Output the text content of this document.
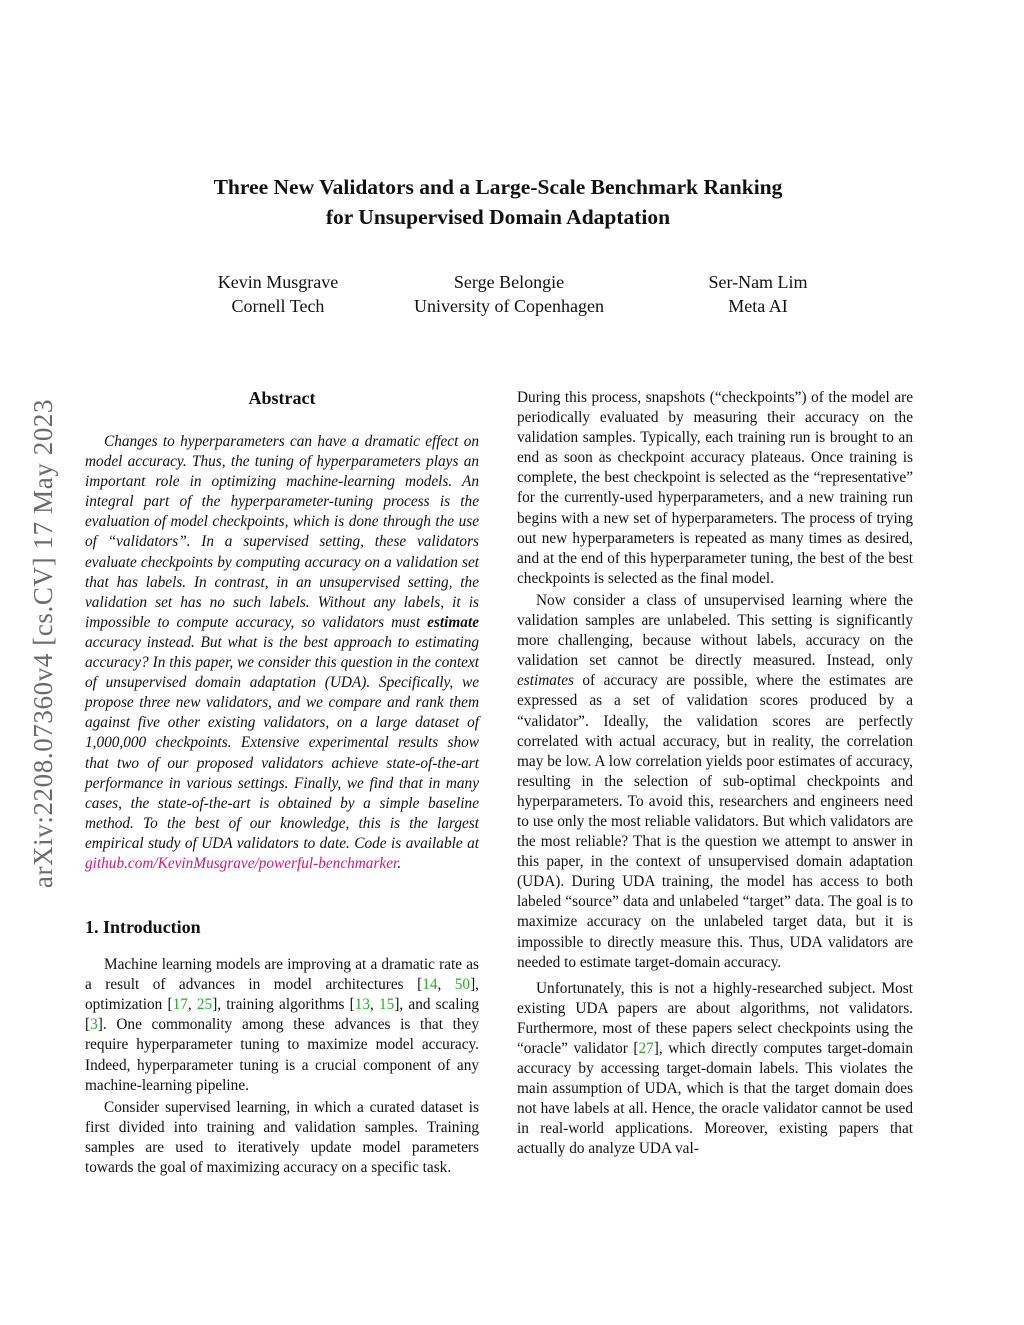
arXiv:2208.07360v4 [cs.CV] 17 May 2023
Three New Validators and a Large-Scale Benchmark Ranking
for Unsupervised Domain Adaptation
Kevin Musgrave
Cornell Tech
Serge Belongie
University of Copenhagen
Ser-Nam Lim
Meta AI
Abstract

Changes to hyperparameters can have a dramatic effect on model accuracy. Thus, the tuning of hyperparameters plays an important role in optimizing machine-learning models. An integral part of the hyperparameter-tuning process is the evaluation of model checkpoints, which is done through the use of “validators”. In a supervised setting, these validators evaluate checkpoints by computing accuracy on a validation set that has labels. In contrast, in an unsupervised setting, the validation set has no such labels. Without any labels, it is impossible to compute accuracy, so validators must estimate accuracy instead. But what is the best approach to estimating accuracy? In this paper, we consider this question in the context of unsupervised domain adaptation (UDA). Specifically, we propose three new validators, and we compare and rank them against five other existing validators, on a large dataset of 1,000,000 checkpoints. Extensive experimental results show that two of our proposed validators achieve state-of-the-art performance in various settings. Finally, we find that in many cases, the state-of-the-art is obtained by a simple baseline method. To the best of our knowledge, this is the largest empirical study of UDA validators to date. Code is available at github.com/KevinMusgrave/powerful-benchmarker.

1. Introduction

Machine learning models are improving at a dramatic rate as a result of advances in model architectures [14, 50], optimization [17, 25], training algorithms [13, 15], and scaling [3]. One commonality among these advances is that they require hyperparameter tuning to maximize model accuracy. Indeed, hyperparameter tuning is a crucial component of any machine-learning pipeline.

Consider supervised learning, in which a curated dataset is first divided into training and validation samples. Training samples are used to iteratively update model parameters towards the goal of maximizing accuracy on a specific task.

During this process, snapshots (“checkpoints”) of the model are periodically evaluated by measuring their accuracy on the validation samples. Typically, each training run is brought to an end as soon as checkpoint accuracy plateaus. Once training is complete, the best checkpoint is selected as the “representative” for the currently-used hyperparameters, and a new training run begins with a new set of hyperparameters. The process of trying out new hyperparameters is repeated as many times as desired, and at the end of this hyperparameter tuning, the best of the best checkpoints is selected as the final model.

Now consider a class of unsupervised learning where the validation samples are unlabeled. This setting is significantly more challenging, because without labels, accuracy on the validation set cannot be directly measured. Instead, only estimates of accuracy are possible, where the estimates are expressed as a set of validation scores produced by a “validator”. Ideally, the validation scores are perfectly correlated with actual accuracy, but in reality, the correlation may be low. A low correlation yields poor estimates of accuracy, resulting in the selection of sub-optimal checkpoints and hyperparameters. To avoid this, researchers and engineers need to use only the most reliable validators. But which validators are the most reliable? That is the question we attempt to answer in this paper, in the context of unsupervised domain adaptation (UDA). During UDA training, the model has access to both labeled “source” data and unlabeled “target” data. The goal is to maximize accuracy on the unlabeled target data, but it is impossible to directly measure this. Thus, UDA validators are needed to estimate target-domain accuracy.

Unfortunately, this is not a highly-researched subject. Most existing UDA papers are about algorithms, not validators. Furthermore, most of these papers select checkpoints using the “oracle” validator [27], which directly computes target-domain accuracy by accessing target-domain labels. This violates the main assumption of UDA, which is that the target domain does not have labels at all. Hence, the oracle validator cannot be used in real-world applications. Moreover, existing papers that actually do analyze UDA val-
